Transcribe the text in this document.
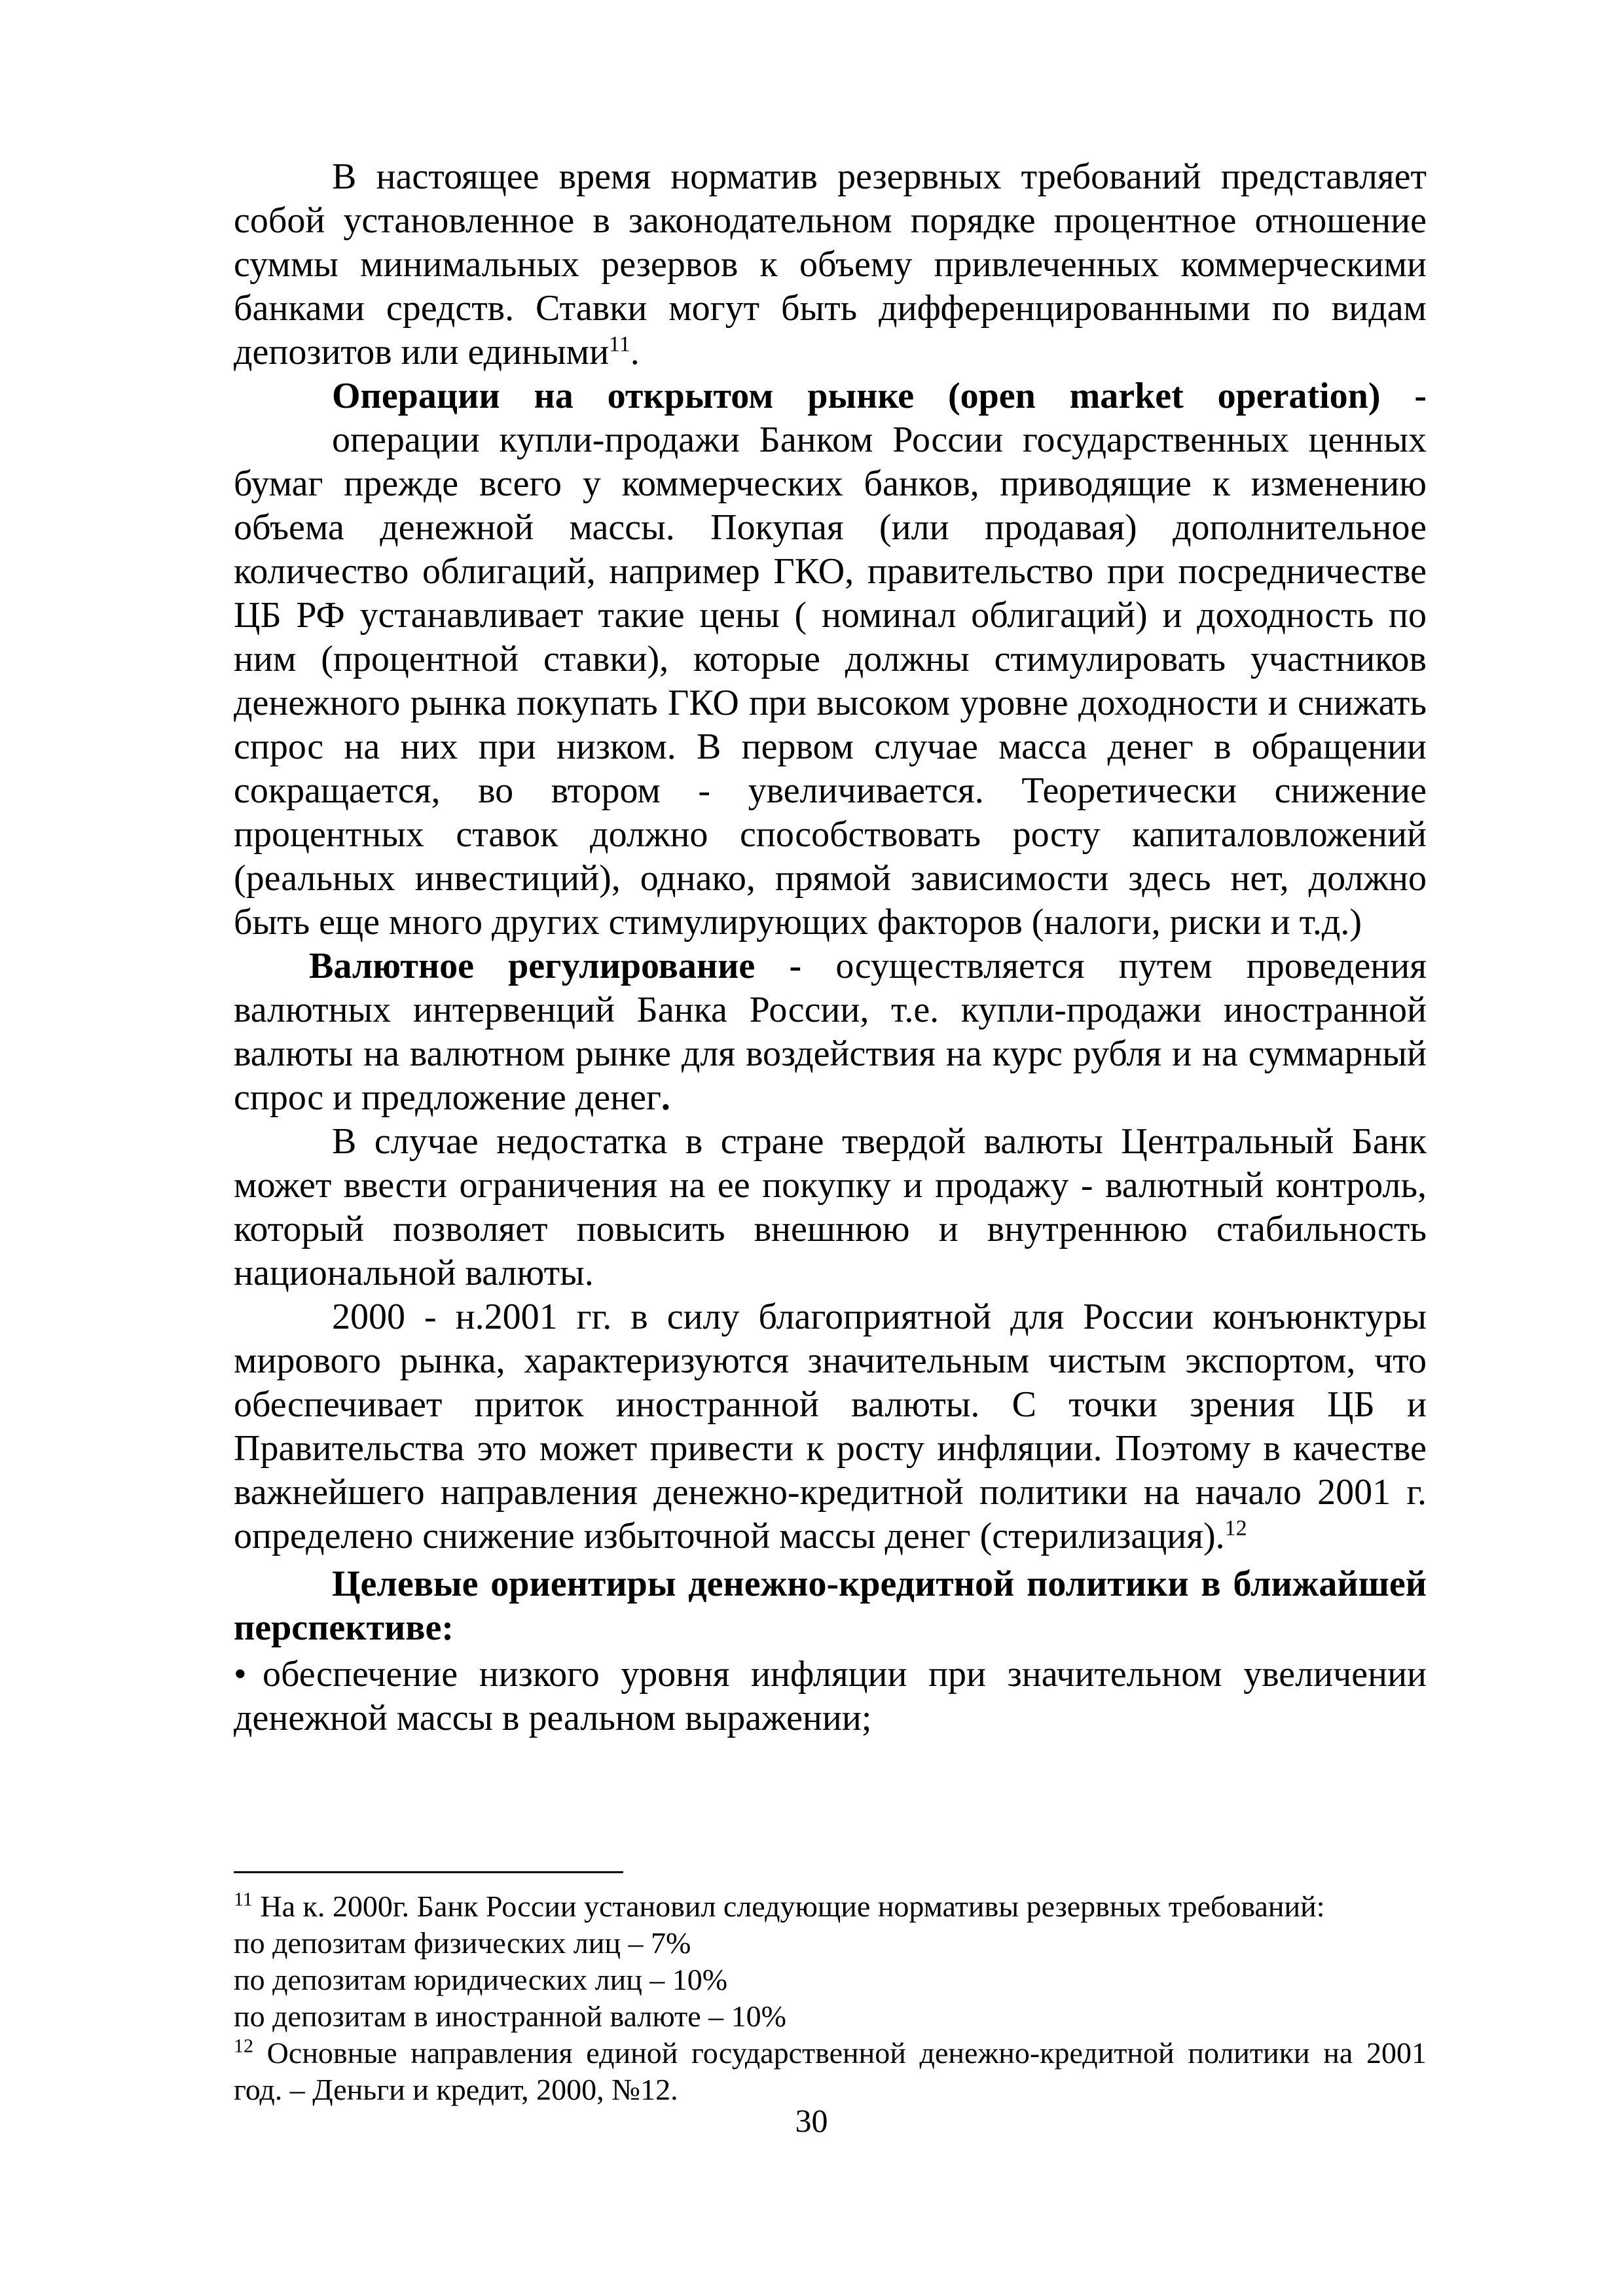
В настоящее время норматив резервных требований представляет собой установленное в законодательном порядке процентное отношение суммы минимальных резервов к объему привлеченных коммерческими банками средств. Ставки могут быть дифференцированными по видам депозитов или едиными$^{11}$.

Операции на открытом рынке (open market operation) -
операции купли-продажи Банком России государственных ценных бумаг прежде всего у коммерческих банков, приводящие к изменению объема денежной массы. Покупая (или продавая) дополнительное количество облигаций, например ГКО, правительство при посредничестве ЦБ РФ устанавливает такие цены ( номинал облигаций) и доходность по ним (процентной ставки), которые должны стимулировать участников денежного рынка покупать ГКО при высоком уровне доходности и снижать спрос на них при низком. В первом случае масса денег в обращении сокращается, во втором - увеличивается. Теоретически снижение процентных ставок должно способствовать росту капиталовложений (реальных инвестиций), однако, прямой зависимости здесь нет, должно быть еще много других стимулирующих факторов (налоги, риски и т.д.)

Валютное регулирование - осуществляется путем проведения валютных интервенций Банка России, т.е. купли-продажи иностранной валюты на валютном рынке для воздействия на курс рубля и на суммарный спрос и предложение денег.

В случае недостатка в стране твердой валюты Центральный Банк может ввести ограничения на ее покупку и продажу - валютный контроль, который позволяет повысить внешнюю и внутреннюю стабильность национальной валюты.

2000 - н.2001 гг. в силу благоприятной для России конъюнктуры мирового рынка, характеризуются значительным чистым экспортом, что обеспечивает приток иностранной валюты. С точки зрения ЦБ и Правительства это может привести к росту инфляции. Поэтому в качестве важнейшего направления денежно-кредитной политики на начало 2001 г. определено снижение избыточной массы денег (стерилизация).$^{12}$

Целевые ориентиры денежно-кредитной политики в ближайшей перспективе:

• обеспечение низкого уровня инфляции при значительном увеличении денежной массы в реальном выражении;

$^{11}$ На к. 2000г. Банк России установил следующие нормативы резервных требований:

по депозитам физических лиц – 7%

по депозитам юридических лиц – 10%

по депозитам в иностранной валюте – 10%

$^{12}$ Основные направления единой государственной денежно-кредитной политики на 2001 год. – Деньги и кредит, 2000, №12.

30
